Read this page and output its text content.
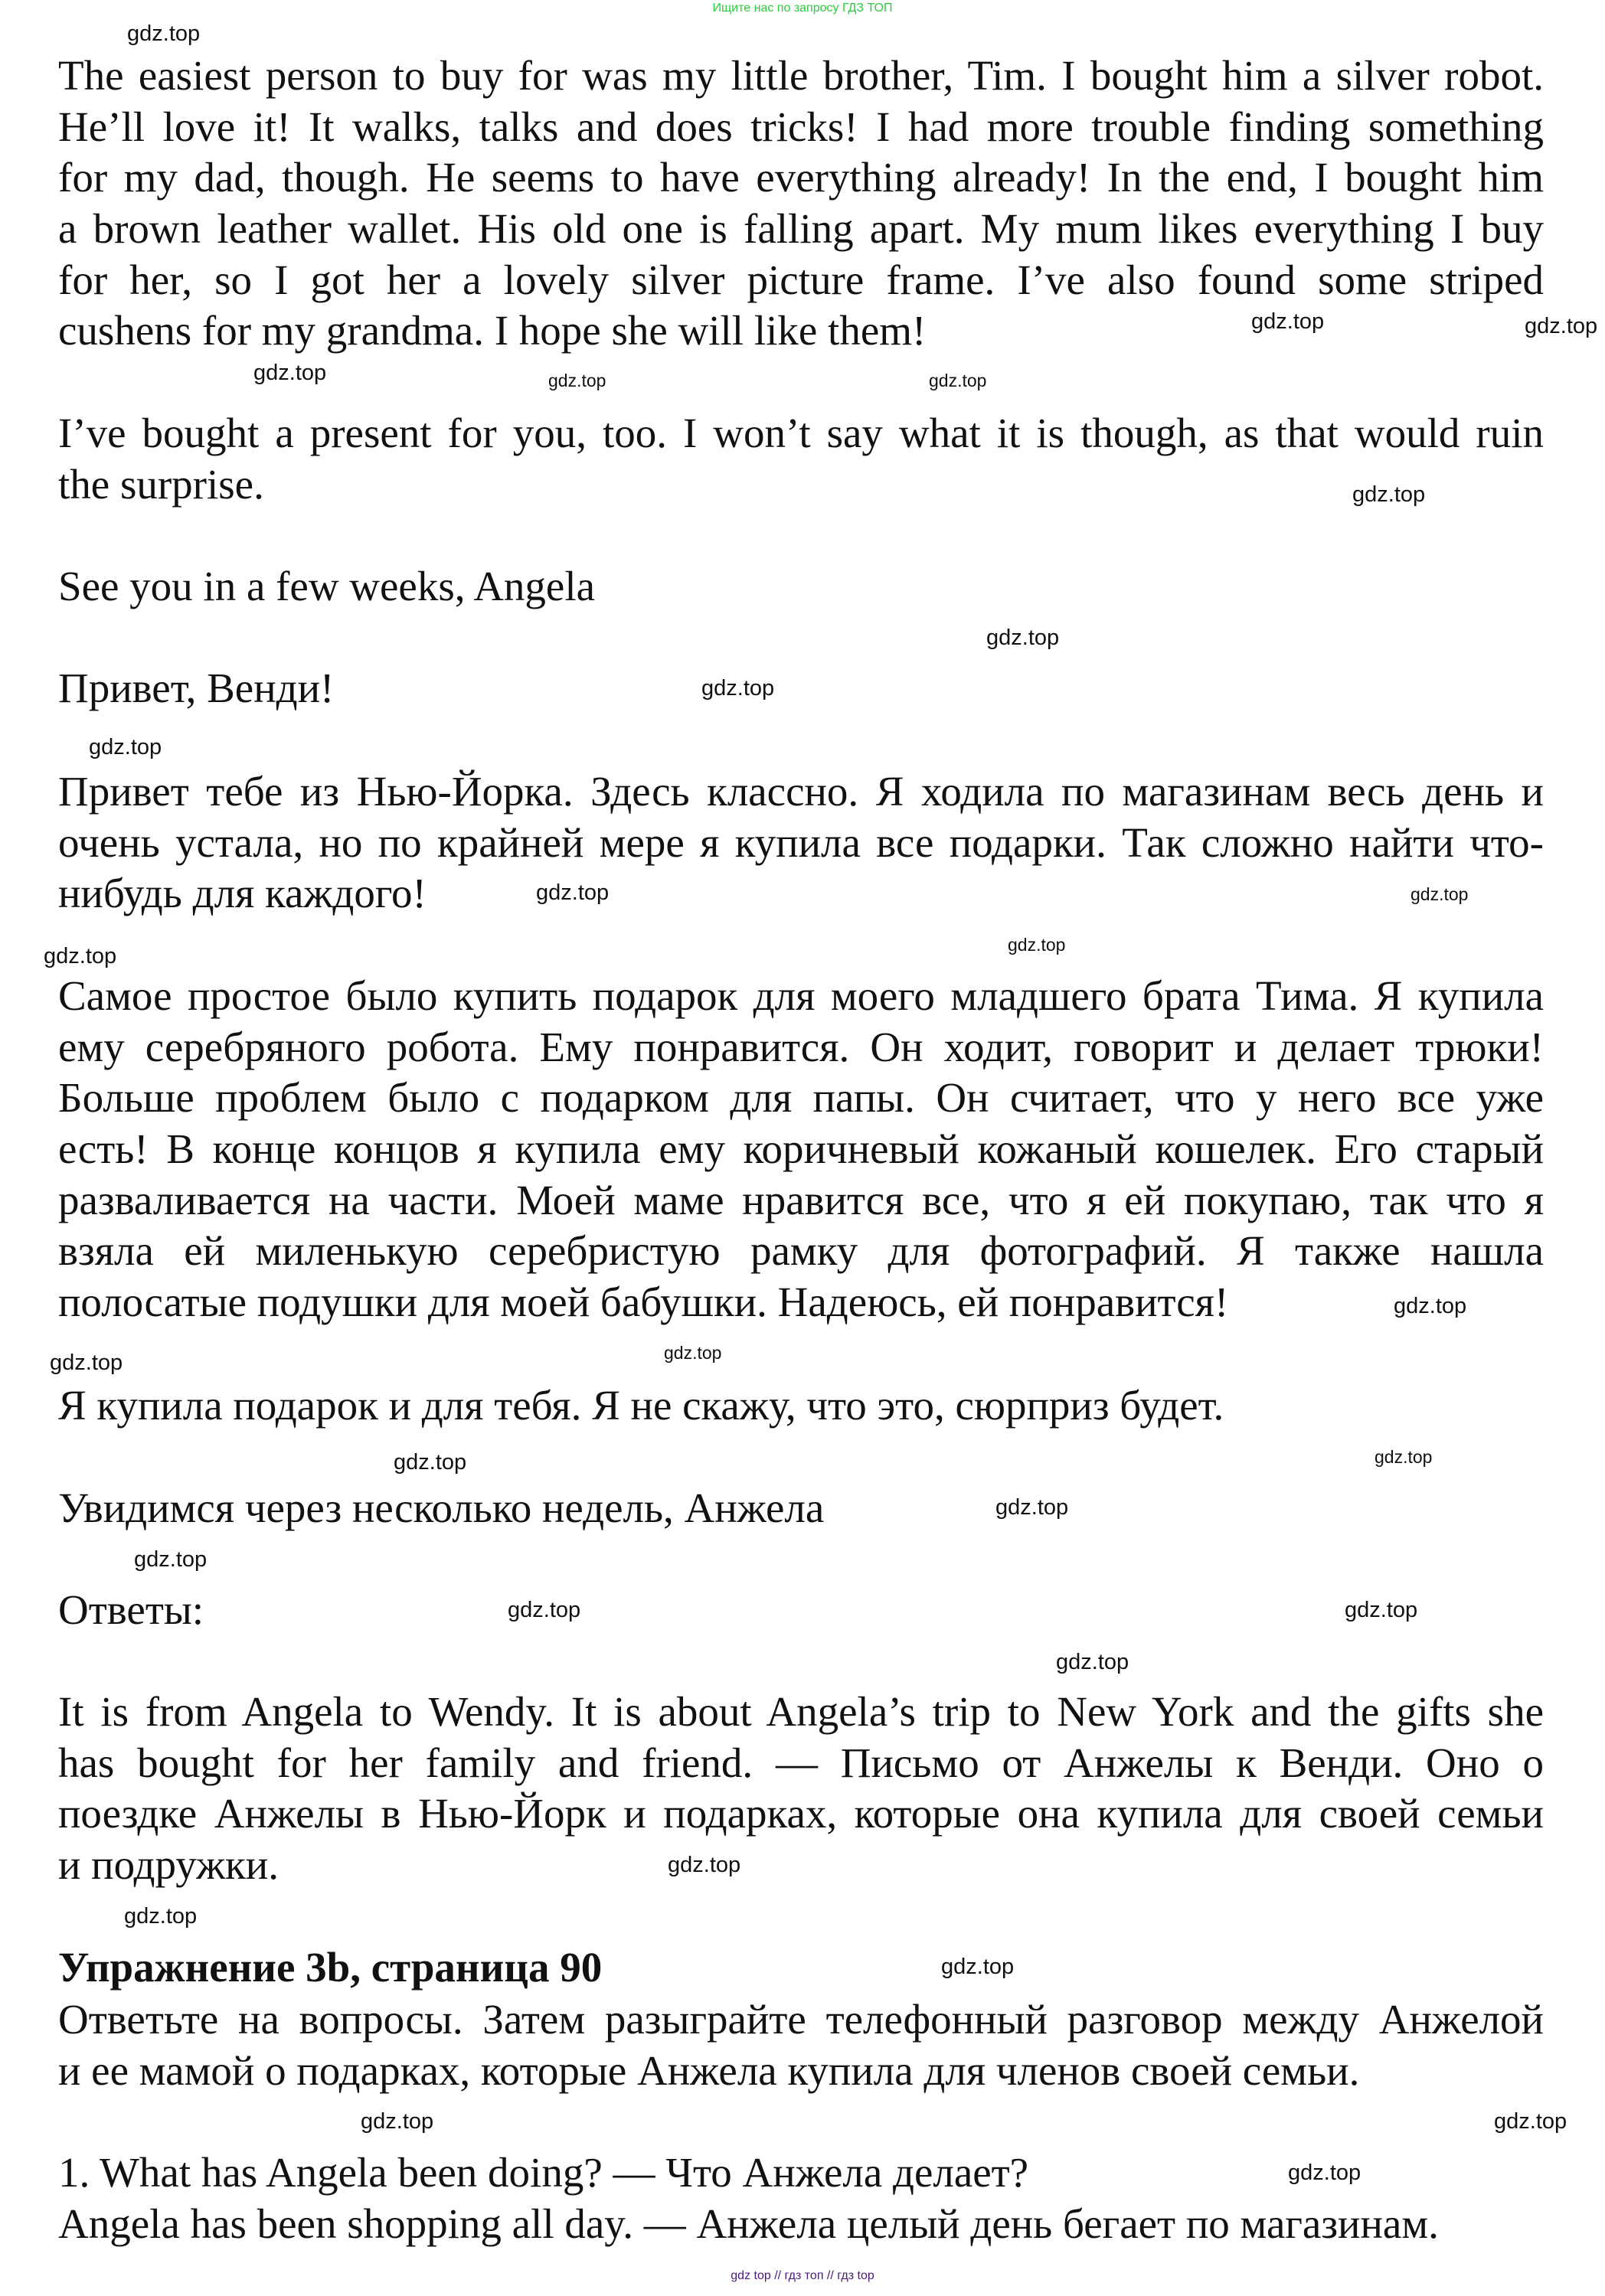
Ищите нас по запросу ГДЗ ТОП
The easiest person to buy for was my little brother, Tim. I bought him a silver robot.
He’ll love it! It walks, talks and does tricks! I had more trouble finding something
for my dad, though. He seems to have everything already! In the end, I bought him
a brown leather wallet. His old one is falling apart. My mum likes everything I buy
for her, so I got her a lovely silver picture frame. I’ve also found some striped
cushens for my grandma. I hope she will like them!
I’ve bought a present for you, too. I won’t say what it is though, as that would ruin
the surprise.
See you in a few weeks, Angela
Привет, Венди!
Привет тебе из Нью-Йорка. Здесь классно. Я ходила по магазинам весь день и
очень устала, но по крайней мере я купила все подарки. Так сложно найти что-
нибудь для каждого!
Самое простое было купить подарок для моего младшего брата Тима. Я купила
ему серебряного робота. Ему понравится. Он ходит, говорит и делает трюки!
Больше проблем было с подарком для папы. Он считает, что у него все уже
есть! В конце концов я купила ему коричневый кожаный кошелек. Его старый
разваливается на части. Моей маме нравится все, что я ей покупаю, так что я
взяла ей миленькую серебристую рамку для фотографий. Я также нашла
полосатые подушки для моей бабушки. Надеюсь, ей понравится!
Я купила подарок и для тебя. Я не скажу, что это, сюрприз будет.
Увидимся через несколько недель, Анжела
Ответы:
It is from Angela to Wendy. It is about Angela’s trip to New York and the gifts she
has bought for her family and friend. — Письмо от Анжелы к Венди. Оно о
поездке Анжелы в Нью-Йорк и подарках, которые она купила для своей семьи
и подружки.
Упражнение 3b, страница 90
Ответьте на вопросы. Затем разыграйте телефонный разговор между Анжелой
и ее мамой о подарках, которые Анжела купила для членов своей семьи.
1. What has Angela been doing? — Что Анжела делает?
Angela has been shopping all day. — Анжела целый день бегает по магазинам.
gdz.top
gdz.top
gdz.top
gdz.top
gdz.top
gdz.top
gdz.top
gdz.top
gdz.top
gdz.top
gdz.top
gdz.top
gdz.top
gdz.top
gdz.top
gdz.top
gdz.top
gdz.top
gdz.top
gdz.top
gdz.top
gdz.top	gdz.top
gdz.top
gdz.top
gdz.top
gdz.top
gdz.top
gdz.top
gdz.top
gdz top // гдз топ // гдз top
